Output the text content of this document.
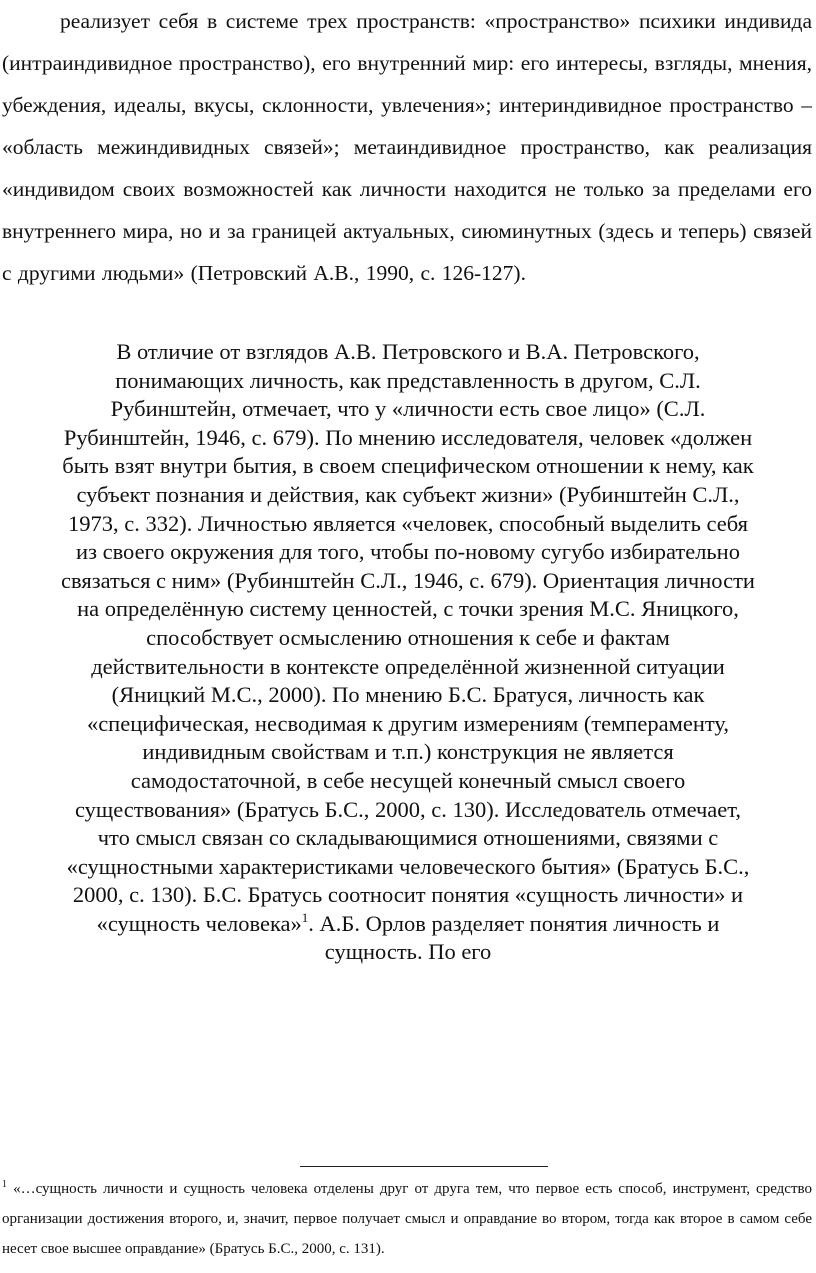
реализует себя в системе трех пространств: «пространство» психики индивида (интраиндивидное пространство), его внутренний мир: его интересы, взгляды, мнения, убеждения, идеалы, вкусы, склонности, увлечения»; интериндивидное пространство – «область межиндивидных связей»; метаиндивидное пространство, как реализация «индивидом своих возможностей как личности находится не только за пределами его внутреннего мира, но и за границей актуальных, сиюминутных (здесь и теперь) связей с другими людьми» (Петровский А.В., 1990, с. 126-127).

В отличие от взглядов А.В. Петровского и В.А. Петровского, понимающих личность, как представленность в другом, С.Л. Рубинштейн, отмечает, что у «личности есть свое лицо» (С.Л. Рубинштейн, 1946, с. 679). По мнению исследователя, человек «должен быть взят внутри бытия, в своем специфическом отношении к нему, как субъект познания и действия, как субъект жизни» (Рубинштейн С.Л., 1973, с. 332). Личностью является «человек, способный выделить себя из своего окружения для того, чтобы по-новому сугубо избирательно связаться с ним» (Рубинштейн С.Л., 1946, с. 679). Ориентация личности на определённую систему ценностей, с точки зрения М.С. Яницкого, способствует осмыслению отношения к себе и фактам действительности в контексте определённой жизненной ситуации (Яницкий М.С., 2000). По мнению Б.С. Братуся, личность как «специфическая, несводимая к другим измерениям (темпераменту, индивидным свойствам и т.п.) конструкция не является самодостаточной, в себе несущей конечный смысл своего существования» (Братусь Б.С., 2000, с. 130). Исследователь отмечает, что смысл связан со складывающимися отношениями, связями с «сущностными характеристиками человеческого бытия» (Братусь Б.С., 2000, с. 130). Б.С. Братусь соотносит понятия «сущность личности» и «сущность человека»$^1$. А.Б. Орлов разделяет понятия личность и сущность. По его

$^1$ «…сущность личности и сущность человека отделены друг от друга тем, что первое есть способ, инструмент, средство организации достижения второго, и, значит, первое получает смысл и оправдание во втором, тогда как второе в самом себе несет свое высшее оправдание» (Братусь Б.С., 2000, с. 131).
